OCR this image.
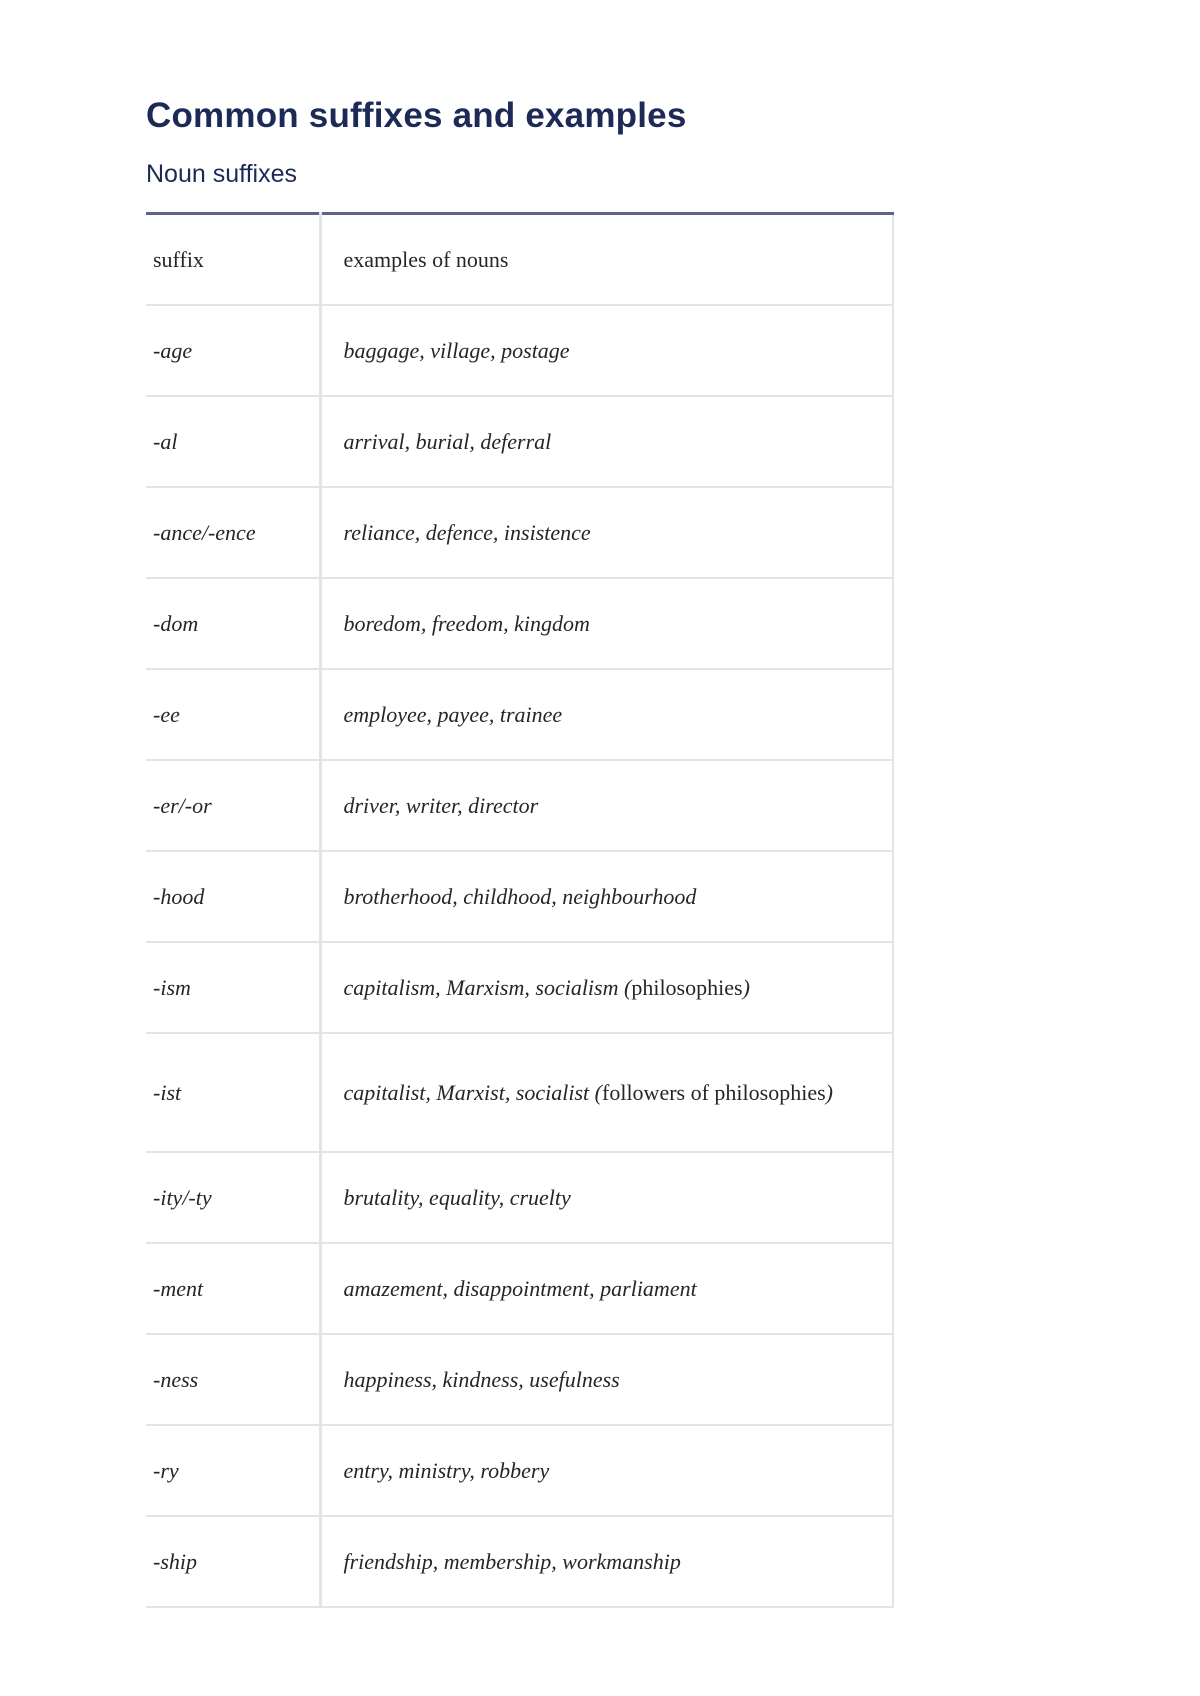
Common suffixes and examples
Noun suffixes
suffix	examples of nouns
-age	baggage, village, postage
-al	arrival, burial, deferral
-ance/-ence	reliance, defence, insistence
-dom	boredom, freedom, kingdom
-ee	employee, payee, trainee
-er/-or	driver, writer, director
-hood	brotherhood, childhood, neighbourhood
-ism	capitalism, Marxism, socialism (philosophies)
-ist	capitalist, Marxist, socialist (followers of philosophies)
-ity/-ty	brutality, equality, cruelty
-ment	amazement, disappointment, parliament
-ness	happiness, kindness, usefulness
-ry	entry, ministry, robbery
-ship	friendship, membership, workmanship
